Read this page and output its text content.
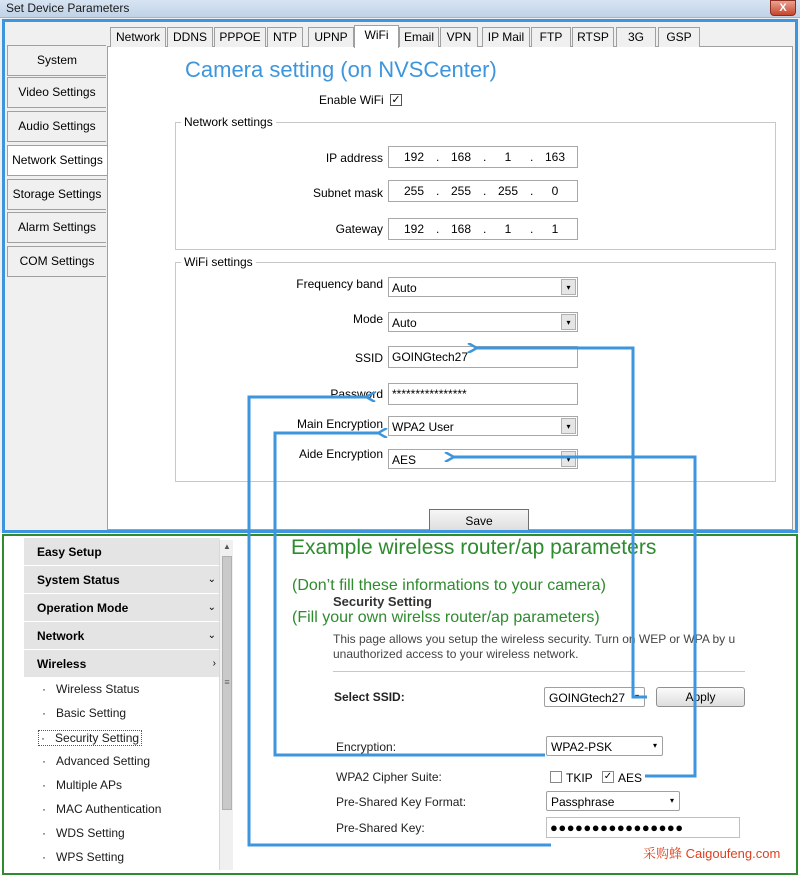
Set Device Parameters	X
System
Video Settings
Audio Settings
Network Settings
Storage Settings
Alarm Settings
COM Settings
Network	DDNS	PPPOE	NTP	UPNP	WiFi	Email	VPN	IP Mail	FTP	RTSP	3G	GSP
Camera setting (on NVSCenter)
Enable WiFi ✓
Network settings
IP address	192 . 168 .	1	. 163
Subnet mask	255 . 255 . 255 .	0
Gateway	192 . 168 .	1	.	1
WiFi settings
Frequency band Auto	▾
Mode Auto	▾
SSID GOINGtech27
Password ****************
Main Encryption WPA2 User	▾
Aide Encryption AES	▾
Save
Easy Setup
System Status	⌄
Operation Mode	⌄
Network	⌄
Wireless	›
· Wireless Status
· Basic Setting
· Security Setting
· Advanced Setting
· Multiple APs
· MAC Authentication
· WDS Setting
· WPS Setting
▲
≡
Security Setting
This page allows you setup the wireless security. Turn on WEP or WPA by u
unauthorized access to your wireless network.
Select SSID:	GOINGtech27 ▾	Apply
Encryption:	WPA2-PSK	▾
WPA2 Cipher Suite:	TKIP ✓ AES
Pre-Shared Key Format:	Passphrase	▾
Pre-Shared Key:	●●●●●●●●●●●●●●●●
Example wireless router/ap parameters
(Don’t fill these informations to your camera)
(Fill your own wirelss router/ap parameters)
采购蜂 Caigoufeng.com
